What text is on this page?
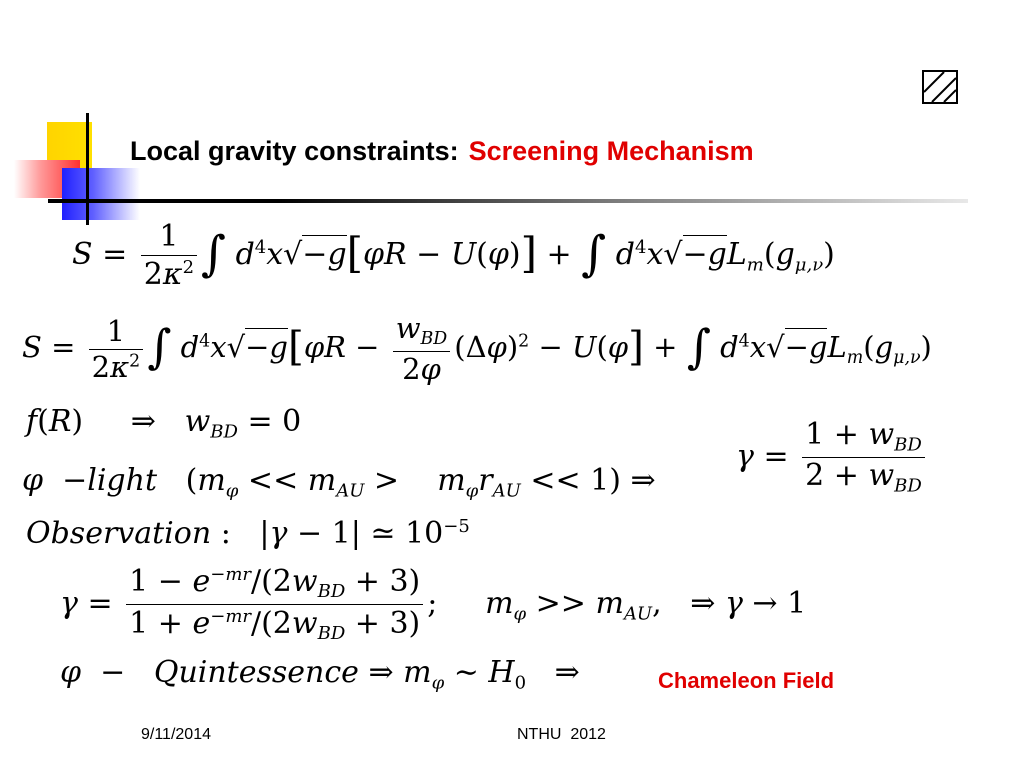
Local gravity constraints: Screening Mechanism
$S = \frac{1}{2\kappa^2}$ ∫ $d^4x√-g[\varphi R - U(\varphi)]$ + ∫ $d^4x√-gL_m(g_{\mu,\nu})$
$S = \frac{1}{2\kappa^2}$ ∫ $d^4x√-g[\varphi R - \frac{w_{BD}}{2\varphi} (\Delta\varphi)^2 - U(\varphi]$ + ∫ $d^4x√-gL_m(g_{\mu,\nu})$
f(R)     ⇒   $w_{BD} = 0$
φ  −light   ($m_\varphi << m_{AU}$ >    $m_\varphi r_{AU} << 1$) ⇒
$\gamma = \frac{1 + w_{BD}}{2 + w_{BD}}$
Observation :   |γ − 1| ≃ $10^{-5}$
$\gamma = \frac{1 - e^{-mr}/(2w_{BD} + 3)}{1 + e^{-mr}/(2w_{BD} + 3)}$ ;     $m_\varphi >> m_{AU}$,   ⇒ γ → 1
φ  −   Quintessence ⇒ $m_\varphi$ ∼ $H_0$   ⇒	Chameleon Field
9/11/2014	NTHU  2012
